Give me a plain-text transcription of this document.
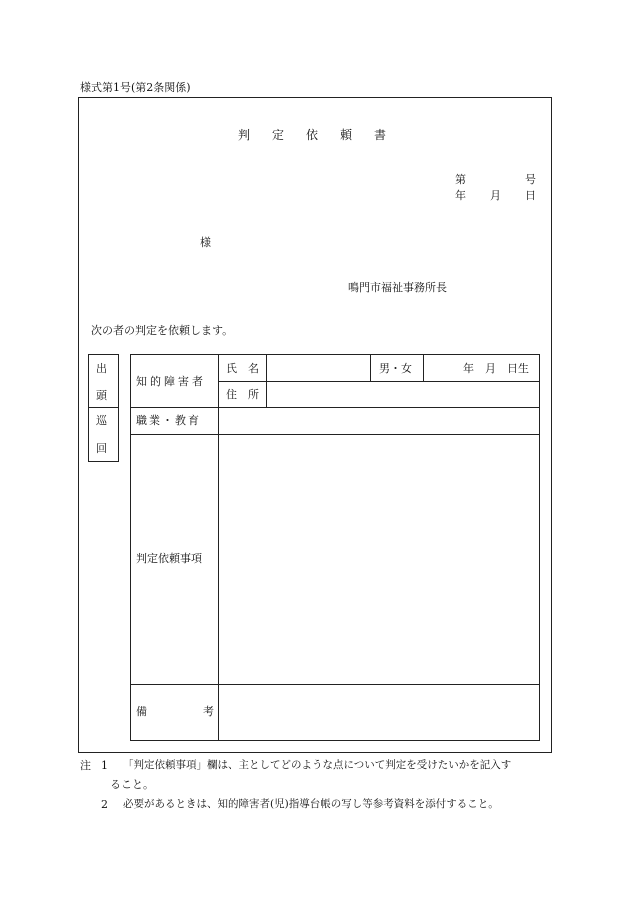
様式第1号(第2条関係)
判定依頼書
第	号
年 月 日
様
鳴門市福祉事務所長
次の者の判定を依頼します。
出
頭
巡
回
知的障害者
氏　名
住　所
男・女	年　月　日生
職業・教育
判定依頼事項
備考
注 1 「判定依頼事項」欄は、主としてどのような点について判定を受けたいかを記入す
ること。
2 必要があるときは、知的障害者(児)指導台帳の写し等参考資料を添付すること。
